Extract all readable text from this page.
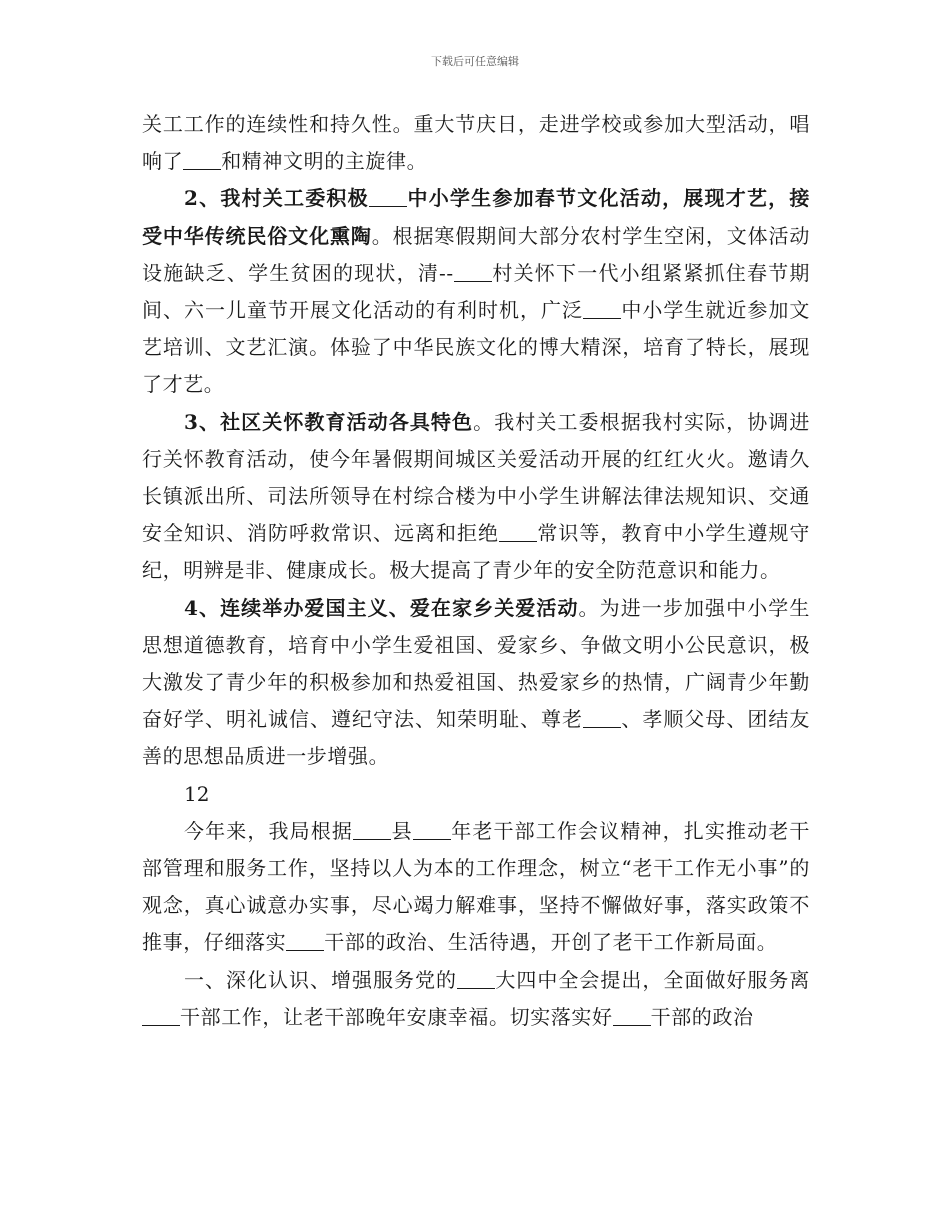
下载后可任意编辑

关工工作的连续性和持久性。重大节庆日，走进学校或参加大型活动，唱响了 和精神文明的主旋律。

2、我村关工委积极 中小学生参加春节文化活动，展现才艺，接受中华传统民俗文化熏陶。根据寒假期间大部分农村学生空闲，文体活动设施缺乏、学生贫困的现状，清-- 村关怀下一代小组紧紧抓住春节期间、六一儿童节开展文化活动的有利时机，广泛 中小学生就近参加文艺培训、文艺汇演。体验了中华民族文化的博大精深，培育了特长，展现了才艺。

3、社区关怀教育活动各具特色。我村关工委根据我村实际，协调进行关怀教育活动，使今年暑假期间城区关爱活动开展的红红火火。邀请久长镇派出所、司法所领导在村综合楼为中小学生讲解法律法规知识、交通安全知识、消防呼救常识、远离和拒绝 常识等，教育中小学生遵规守纪，明辨是非、健康成长。极大提高了青少年的安全防范意识和能力。

4、连续举办爱国主义、爱在家乡关爱活动。为进一步加强中小学生思想道德教育，培育中小学生爱祖国、爱家乡、争做文明小公民意识，极大激发了青少年的积极参加和热爱祖国、热爱家乡的热情，广阔青少年勤奋好学、明礼诚信、遵纪守法、知荣明耻、尊老 、孝顺父母、团结友善的思想品质进一步增强。

12

今年来，我局根据 县 年老干部工作会议精神，扎实推动老干部管理和服务工作，坚持以人为本的工作理念，树立“老干工作无小事”的观念，真心诚意办实事，尽心竭力解难事，坚持不懈做好事，落实政策不推事，仔细落实 干部的政治、生活待遇，开创了老干工作新局面。

一、深化认识、增强服务党的 大四中全会提出，全面做好服务离干部工作，让老干部晚年安康幸福。切实落实好 干部的政治
